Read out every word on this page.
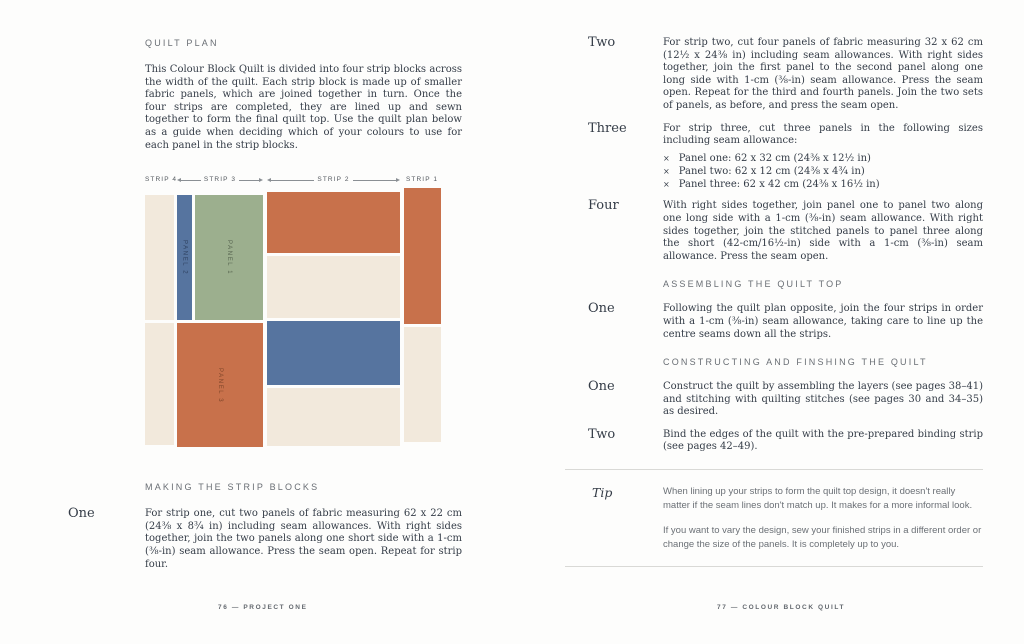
QUILT PLAN

This Colour Block Quilt is divided into four strip blocks across the width of the quilt. Each strip block is made up of smaller fabric panels, which are joined together in turn. Once the four strips are completed, they are lined up and sewn together to form the final quilt top. Use the quilt plan below as a guide when deciding which of your colours to use for each panel in the strip blocks.

STRIP 4	STRIP 3	STRIP 2	STRIP 1
PANEL 2	PANEL 1
PANEL 3
MAKING THE STRIP BLOCKS
One	For strip one, cut two panels of fabric measuring 62 x 22 cm (24⅜ x 8¾ in) including seam allowances. With right sides together, join the two panels along one short side with a 1-cm (⅜-in) seam allowance. Press the seam open. Repeat for strip four.

Two	For strip two, cut four panels of fabric measuring 32 x 62 cm (12½ x 24⅜ in) including seam allowances. With right sides together, join the first panel to the second panel along one long side with 1-cm (⅜-in) seam allowance. Press the seam open. Repeat for the third and fourth panels. Join the two sets of panels, as before, and press the seam open.

Three	For strip three, cut three panels in the following sizes including seam allowance:

× Panel one: 62 x 32 cm (24⅜ x 12½ in)
× Panel two: 62 x 12 cm (24⅜ x 4¾ in)
× Panel three: 62 x 42 cm (24⅜ x 16½ in)
Four	With right sides together, join panel one to panel two along one long side with a 1-cm (⅜-in) seam allowance. With right sides together, join the stitched panels to panel three along the short (42-cm/16½-in) side with a 1-cm (⅜-in) seam allowance. Press the seam open.

ASSEMBLING THE QUILT TOP
One	Following the quilt plan opposite, join the four strips in order with a 1-cm (⅜-in) seam allowance, taking care to line up the centre seams down all the strips.

CONSTRUCTING AND FINSHING THE QUILT
One	Construct the quilt by assembling the layers (see pages 38–41) and stitching with quilting stitches (see pages 30 and 34–35) as desired.

Two	Bind the edges of the quilt with the pre-prepared binding strip (see pages 42–49).

Tip	When lining up your strips to form the quilt top design, it doesn't really matter if the seam lines don't match up. It makes for a more informal look.

If you want to vary the design, sew your finished strips in a different order or change the size of the panels. It is completely up to you.

76 — PROJECT ONE	77 — COLOUR BLOCK QUILT
